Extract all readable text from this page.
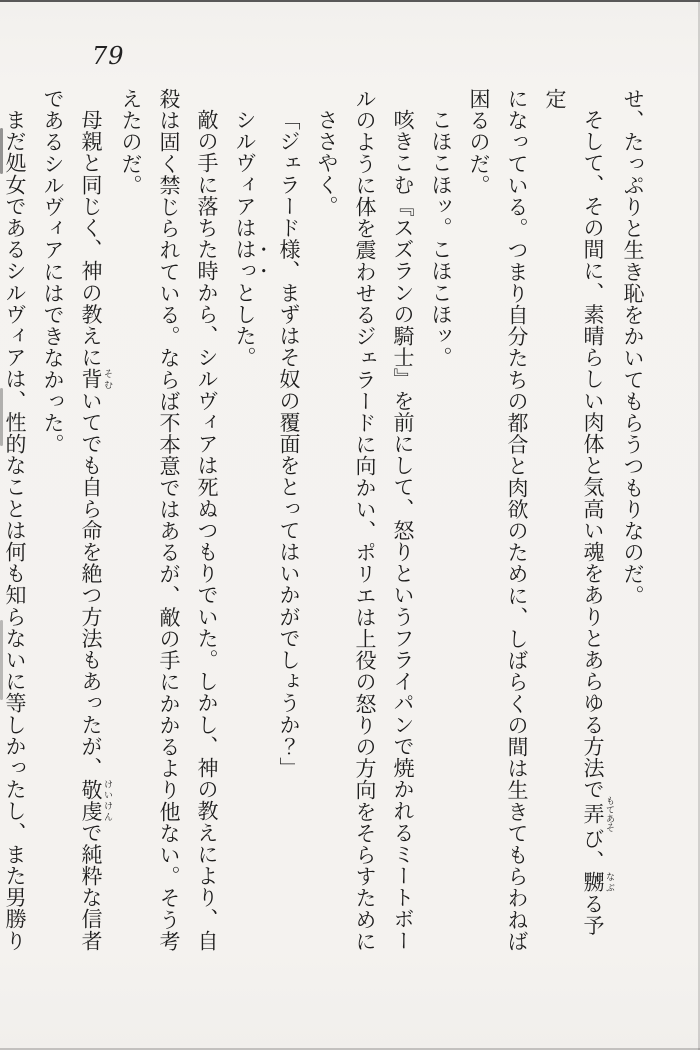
79
せ、たっぷりと生き恥をかいてもらうつもりなのだ。
そして、その間に、素晴らしい肉体と気高い魂をありとあらゆる方法で弄 もてあそび、嬲 なぶる予定
になっている。つまり自分たちの都合と肉欲のために、しばらくの間は生きてもらわねば
困るのだ。
こほこほッ。こほこほッ。
咳きこむ『スズランの騎士』を前にして、怒りというフライパンで焼かれるミートボー
ルのように体を震わせるジェラードに向かい、ポリエは上役の怒りの方向をそらすために
ささやく。
「ジェラード様、まずはそ奴の覆面をとってはいかがでしょうか？」
シルヴィアははっとした。
敵の手に落ちた時から、シルヴィアは死ぬつもりでいた。しかし、神の教えにより、自
殺は固く禁じられている。ならば不本意ではあるが、敵の手にかかるより他ない。そう考
えたのだ。
母親と同じく、神の教えに背 そむいてでも自ら命を絶つ方法もあったが、敬虔 けいけんで純粋な信者
であるシルヴィアにはできなかった。
まだ処女であるシルヴィアは、性的なことは何も知らないに等しかったし、また男勝り
